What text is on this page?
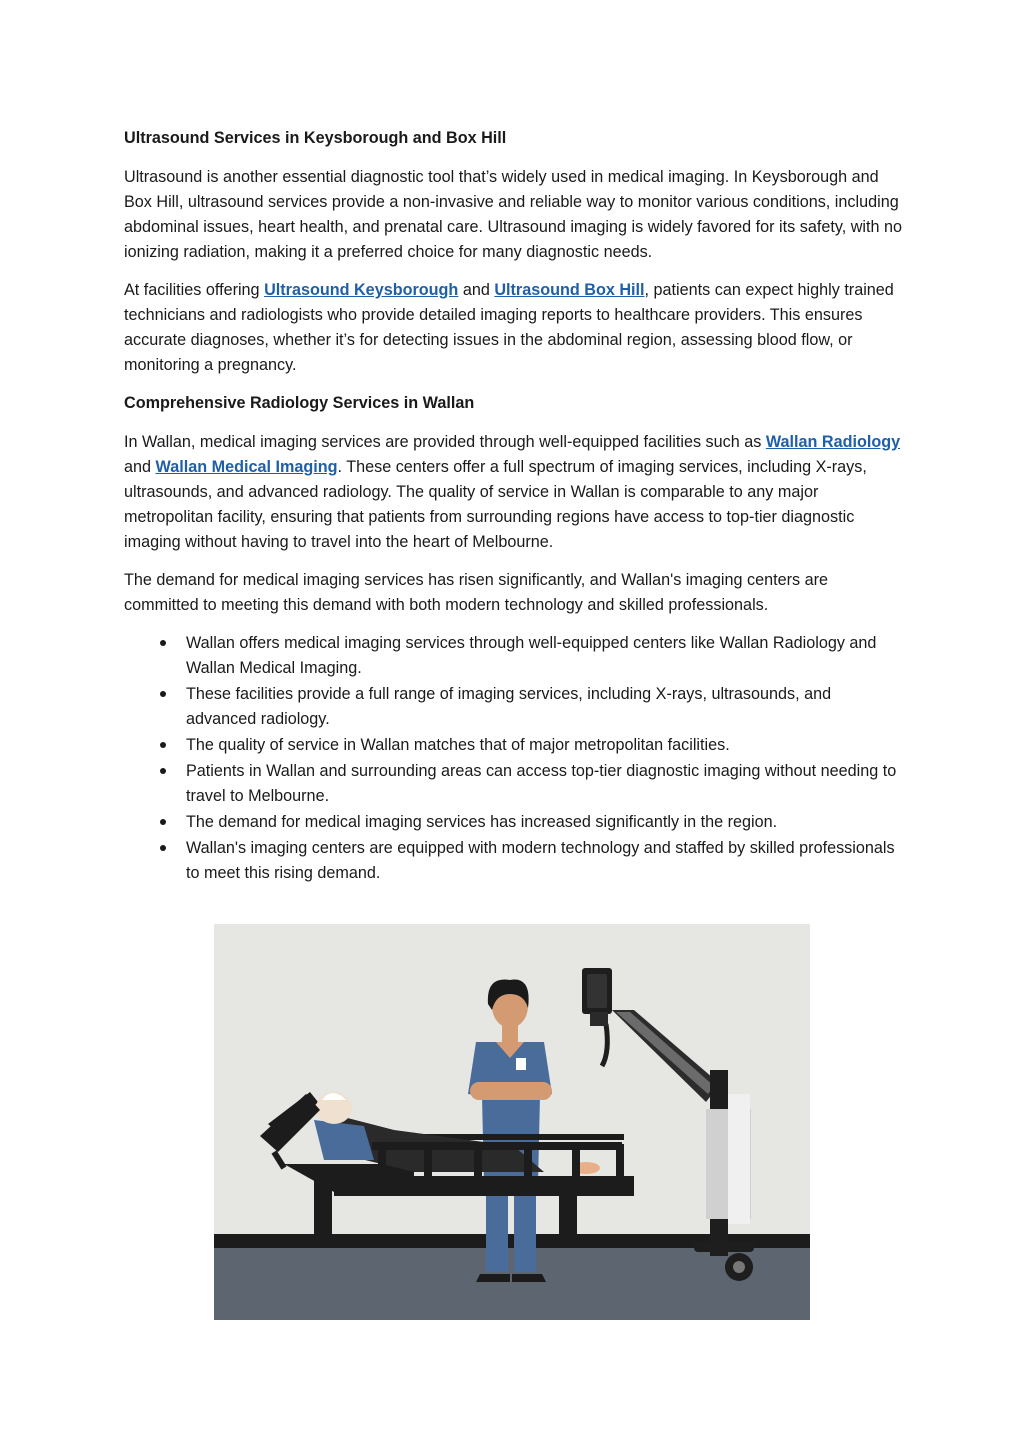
Ultrasound Services in Keysborough and Box Hill

Ultrasound is another essential diagnostic tool that’s widely used in medical imaging. In Keysborough and Box Hill, ultrasound services provide a non-invasive and reliable way to monitor various conditions, including abdominal issues, heart health, and prenatal care. Ultrasound imaging is widely favored for its safety, with no ionizing radiation, making it a preferred choice for many diagnostic needs.

At facilities offering Ultrasound Keysborough and Ultrasound Box Hill, patients can expect highly trained technicians and radiologists who provide detailed imaging reports to healthcare providers. This ensures accurate diagnoses, whether it’s for detecting issues in the abdominal region, assessing blood flow, or monitoring a pregnancy.

Comprehensive Radiology Services in Wallan

In Wallan, medical imaging services are provided through well-equipped facilities such as Wallan Radiology and Wallan Medical Imaging. These centers offer a full spectrum of imaging services, including X-rays, ultrasounds, and advanced radiology. The quality of service in Wallan is comparable to any major metropolitan facility, ensuring that patients from surrounding regions have access to top-tier diagnostic imaging without having to travel into the heart of Melbourne.

The demand for medical imaging services has risen significantly, and Wallan's imaging centers are committed to meeting this demand with both modern technology and skilled professionals.

Wallan offers medical imaging services through well-equipped centers like Wallan Radiology and Wallan Medical Imaging.
These facilities provide a full range of imaging services, including X-rays, ultrasounds, and advanced radiology.
The quality of service in Wallan matches that of major metropolitan facilities.
Patients in Wallan and surrounding areas can access top-tier diagnostic imaging without needing to travel to Melbourne.
The demand for medical imaging services has increased significantly in the region.
Wallan's imaging centers are equipped with modern technology and staffed by skilled professionals to meet this rising demand.
